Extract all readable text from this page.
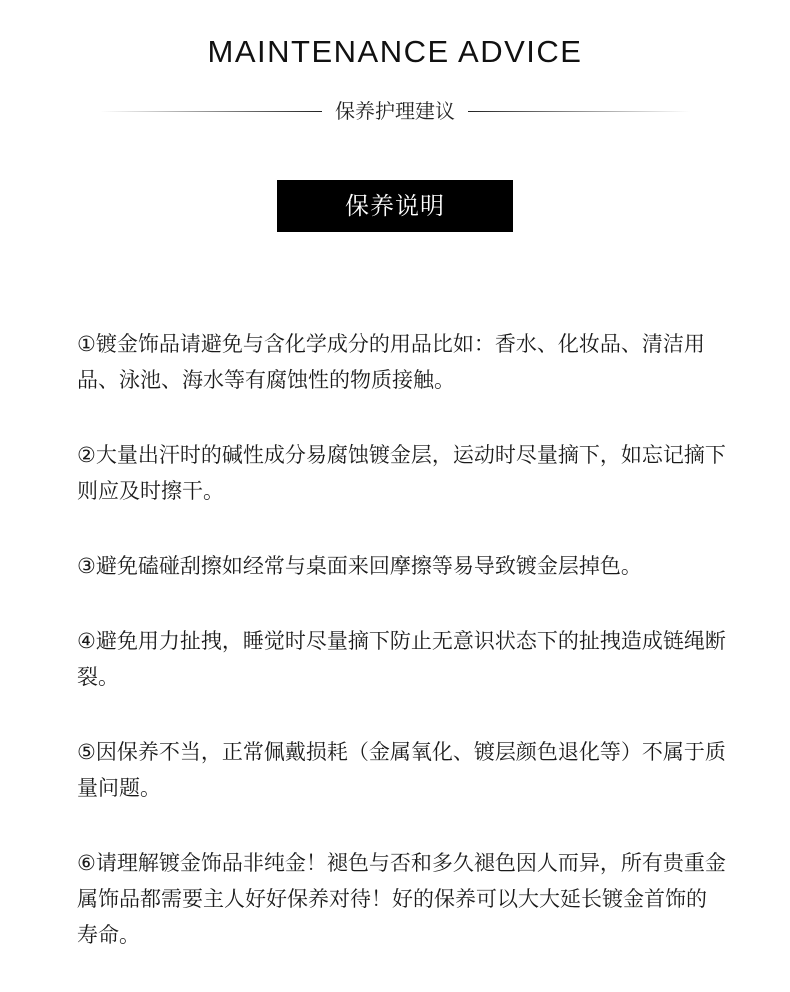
MAINTENANCE ADVICE
保养护理建议
保养说明

①镀金饰品请避免与含化学成分的用品比如：香水、化妆品、清洁用品、泳池、海水等有腐蚀性的物质接触。

②大量出汗时的碱性成分易腐蚀镀金层，运动时尽量摘下，如忘记摘下则应及时擦干。

③避免磕碰刮擦如经常与桌面来回摩擦等易导致镀金层掉色。

④避免用力扯拽，睡觉时尽量摘下防止无意识状态下的扯拽造成链绳断裂。

⑤因保养不当，正常佩戴损耗（金属氧化、镀层颜色退化等）不属于质量问题。

⑥请理解镀金饰品非纯金！褪色与否和多久褪色因人而异，所有贵重金属饰品都需要主人好好保养对待！好的保养可以大大延长镀金首饰的寿命。
